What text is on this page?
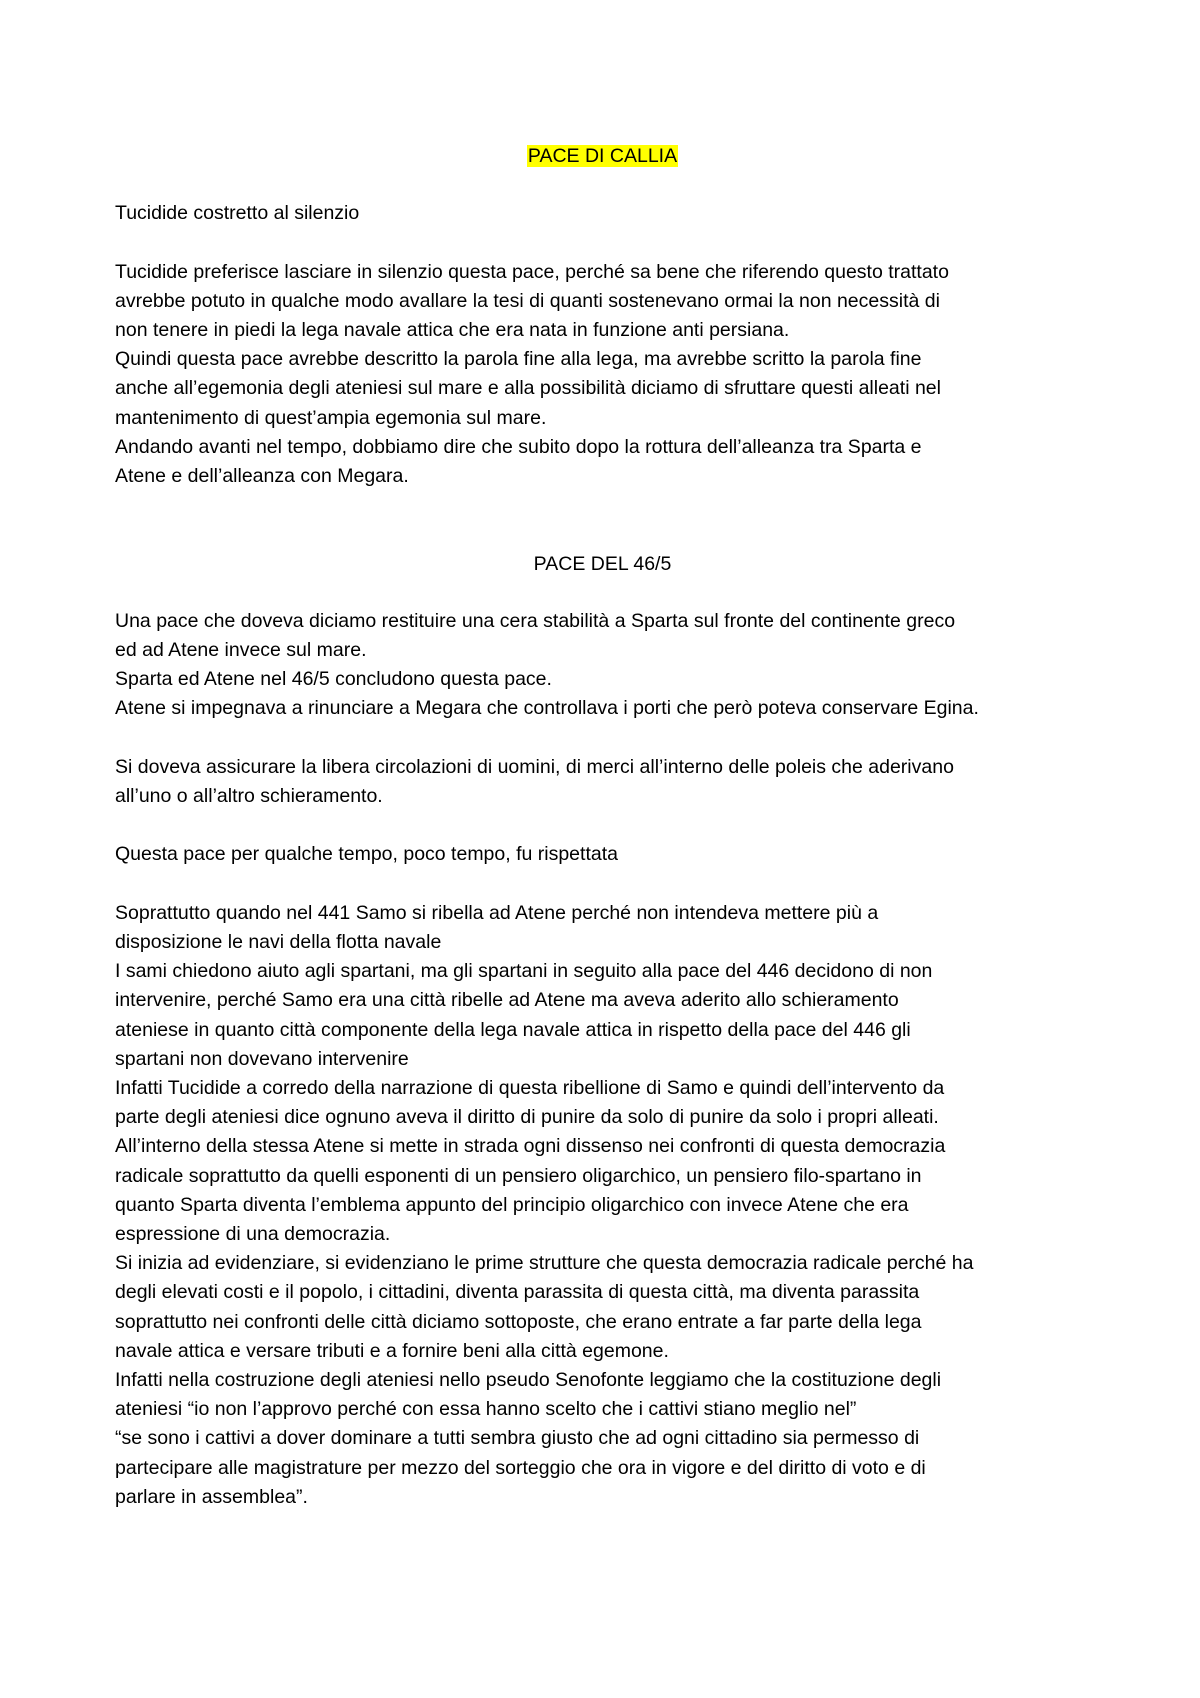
PACE DI CALLIA

Tucidide costretto al silenzio

Tucidide preferisce lasciare in silenzio questa pace, perché sa bene che riferendo questo trattato

avrebbe potuto in qualche modo avallare la tesi di quanti sostenevano ormai la non necessità di

non tenere in piedi la lega navale attica che era nata in funzione anti persiana.

Quindi questa pace avrebbe descritto la parola fine alla lega, ma avrebbe scritto la parola fine

anche all’egemonia degli ateniesi sul mare e alla possibilità diciamo di sfruttare questi alleati nel

mantenimento di quest’ampia egemonia sul mare.

Andando avanti nel tempo, dobbiamo dire che subito dopo la rottura dell’alleanza tra Sparta e

Atene e dell’alleanza con Megara.

PACE DEL 46/5

Una pace che doveva diciamo restituire una cera stabilità a Sparta sul fronte del continente greco

ed ad Atene invece sul mare.

Sparta ed Atene nel 46/5 concludono questa pace.

Atene si impegnava a rinunciare a Megara che controllava i porti che però poteva conservare Egina.

Si doveva assicurare la libera circolazioni di uomini, di merci all’interno delle poleis che aderivano

all’uno o all’altro schieramento.

Questa pace per qualche tempo, poco tempo, fu rispettata

Soprattutto quando nel 441 Samo si ribella ad Atene perché non intendeva mettere più a

disposizione le navi della flotta navale

I sami chiedono aiuto agli spartani, ma gli spartani in seguito alla pace del 446 decidono di non

intervenire, perché Samo era una città ribelle ad Atene ma aveva aderito allo schieramento

ateniese in quanto città componente della lega navale attica in rispetto della pace del 446 gli

spartani non dovevano intervenire

Infatti Tucidide a corredo della narrazione di questa ribellione di Samo e quindi dell’intervento da

parte degli ateniesi dice ognuno aveva il diritto di punire da solo di punire da solo i propri alleati.

All’interno della stessa Atene si mette in strada ogni dissenso nei confronti di questa democrazia

radicale soprattutto da quelli esponenti di un pensiero oligarchico, un pensiero filo-spartano in

quanto Sparta diventa l’emblema appunto del principio oligarchico con invece Atene che era

espressione di una democrazia.

Si inizia ad evidenziare, si evidenziano le prime strutture che questa democrazia radicale perché ha

degli elevati costi e il popolo, i cittadini, diventa parassita di questa città, ma diventa parassita

soprattutto nei confronti delle città diciamo sottoposte, che erano entrate a far parte della lega

navale attica e versare tributi e a fornire beni alla città egemone.

Infatti nella costruzione degli ateniesi nello pseudo Senofonte leggiamo che la costituzione degli

ateniesi “io non l’approvo perché con essa hanno scelto che i cattivi stiano meglio nel”

“se sono i cattivi a dover dominare a tutti sembra giusto che ad ogni cittadino sia permesso di

partecipare alle magistrature per mezzo del sorteggio che ora in vigore e del diritto di voto e di

parlare in assemblea”.
